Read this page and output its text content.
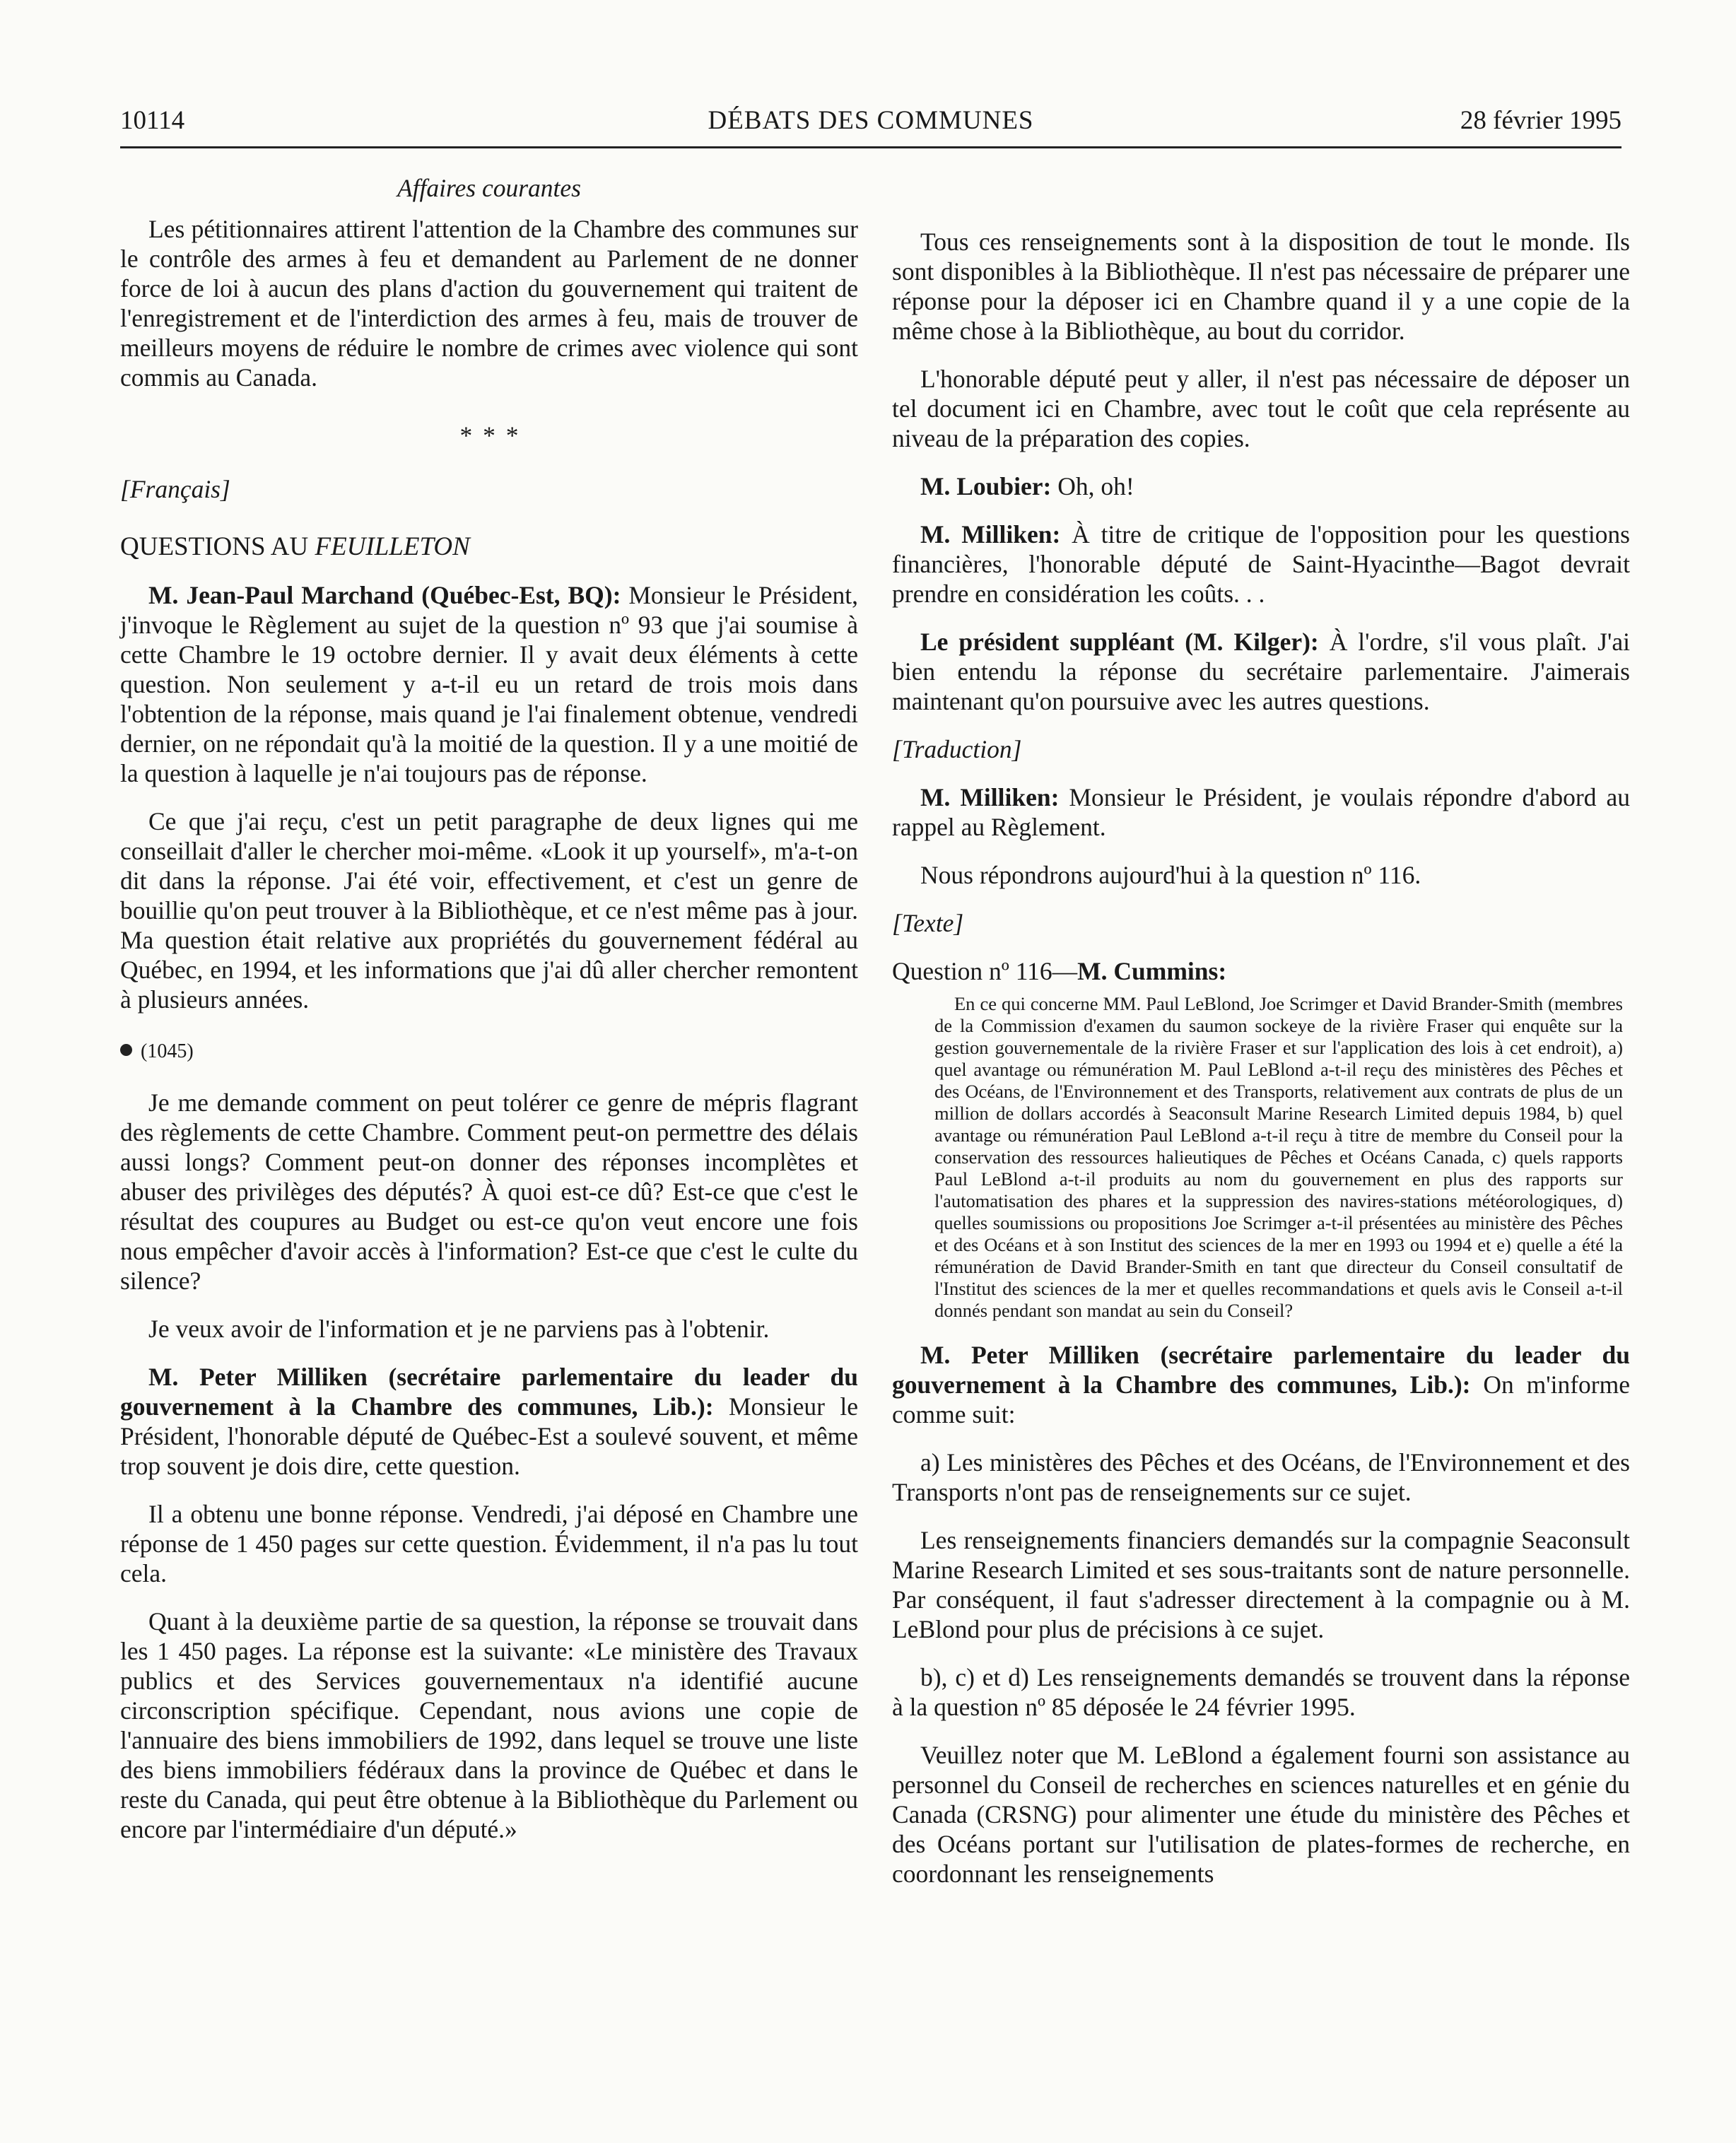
10114	DÉBATS DES COMMUNES	28 février 1995

Affaires courantes

Les pétitionnaires attirent l'attention de la Chambre des communes sur le contrôle des armes à feu et demandent au Parlement de ne donner force de loi à aucun des plans d'action du gouvernement qui traitent de l'enregistrement et de l'interdiction des armes à feu, mais de trouver de meilleurs moyens de réduire le nombre de crimes avec violence qui sont commis au Canada.

* * *

[Français]

QUESTIONS AU FEUILLETON

M. Jean-Paul Marchand (Québec-Est, BQ): Monsieur le Président, j'invoque le Règlement au sujet de la question nº 93 que j'ai soumise à cette Chambre le 19 octobre dernier. Il y avait deux éléments à cette question. Non seulement y a-t-il eu un retard de trois mois dans l'obtention de la réponse, mais quand je l'ai finalement obtenue, vendredi dernier, on ne répondait qu'à la moitié de la question. Il y a une moitié de la question à laquelle je n'ai toujours pas de réponse.

Ce que j'ai reçu, c'est un petit paragraphe de deux lignes qui me conseillait d'aller le chercher moi-même. «Look it up yourself», m'a-t-on dit dans la réponse. J'ai été voir, effectivement, et c'est un genre de bouillie qu'on peut trouver à la Bibliothèque, et ce n'est même pas à jour. Ma question était relative aux propriétés du gouvernement fédéral au Québec, en 1994, et les informations que j'ai dû aller chercher remontent à plusieurs années.

(1045)

Je me demande comment on peut tolérer ce genre de mépris flagrant des règlements de cette Chambre. Comment peut-on permettre des délais aussi longs? Comment peut-on donner des réponses incomplètes et abuser des privilèges des députés? À quoi est-ce dû? Est-ce que c'est le résultat des coupures au Budget ou est-ce qu'on veut encore une fois nous empêcher d'avoir accès à l'information? Est-ce que c'est le culte du silence?

Je veux avoir de l'information et je ne parviens pas à l'obtenir.

M. Peter Milliken (secrétaire parlementaire du leader du gouvernement à la Chambre des communes, Lib.): Monsieur le Président, l'honorable député de Québec-Est a soulevé souvent, et même trop souvent je dois dire, cette question.

Il a obtenu une bonne réponse. Vendredi, j'ai déposé en Chambre une réponse de 1 450 pages sur cette question. Évidemment, il n'a pas lu tout cela.

Quant à la deuxième partie de sa question, la réponse se trouvait dans les 1 450 pages. La réponse est la suivante: «Le ministère des Travaux publics et des Services gouvernementaux n'a identifié aucune circonscription spécifique. Cependant, nous avions une copie de l'annuaire des biens immobiliers de 1992, dans lequel se trouve une liste des biens immobiliers fédéraux dans la province de Québec et dans le reste du Canada, qui peut être obtenue à la Bibliothèque du Parlement ou encore par l'intermédiaire d'un député.»

Tous ces renseignements sont à la disposition de tout le monde. Ils sont disponibles à la Bibliothèque. Il n'est pas nécessaire de préparer une réponse pour la déposer ici en Chambre quand il y a une copie de la même chose à la Bibliothèque, au bout du corridor.

L'honorable député peut y aller, il n'est pas nécessaire de déposer un tel document ici en Chambre, avec tout le coût que cela représente au niveau de la préparation des copies.

M. Loubier: Oh, oh!

M. Milliken: À titre de critique de l'opposition pour les questions financières, l'honorable député de Saint-Hyacinthe—Bagot devrait prendre en considération les coûts. . .

Le président suppléant (M. Kilger): À l'ordre, s'il vous plaît. J'ai bien entendu la réponse du secrétaire parlementaire. J'aimerais maintenant qu'on poursuive avec les autres questions.

[Traduction]

M. Milliken: Monsieur le Président, je voulais répondre d'abord au rappel au Règlement.

Nous répondrons aujourd'hui à la question nº 116.

[Texte]

Question nº 116—M. Cummins:

En ce qui concerne MM. Paul LeBlond, Joe Scrimger et David Brander-Smith (membres de la Commission d'examen du saumon sockeye de la rivière Fraser qui enquête sur la gestion gouvernementale de la rivière Fraser et sur l'application des lois à cet endroit), a) quel avantage ou rémunération M. Paul LeBlond a-t-il reçu des ministères des Pêches et des Océans, de l'Environnement et des Transports, relativement aux contrats de plus de un million de dollars accordés à Seaconsult Marine Research Limited depuis 1984, b) quel avantage ou rémunération Paul LeBlond a-t-il reçu à titre de membre du Conseil pour la conservation des ressources halieutiques de Pêches et Océans Canada, c) quels rapports Paul LeBlond a-t-il produits au nom du gouvernement en plus des rapports sur l'automatisation des phares et la suppression des navires-stations météorologiques, d) quelles soumissions ou propositions Joe Scrimger a-t-il présentées au ministère des Pêches et des Océans et à son Institut des sciences de la mer en 1993 ou 1994 et e) quelle a été la rémunération de David Brander-Smith en tant que directeur du Conseil consultatif de l'Institut des sciences de la mer et quelles recommandations et quels avis le Conseil a-t-il donnés pendant son mandat au sein du Conseil?

M. Peter Milliken (secrétaire parlementaire du leader du gouvernement à la Chambre des communes, Lib.): On m'informe comme suit:

a) Les ministères des Pêches et des Océans, de l'Environnement et des Transports n'ont pas de renseignements sur ce sujet.

Les renseignements financiers demandés sur la compagnie Seaconsult Marine Research Limited et ses sous-traitants sont de nature personnelle. Par conséquent, il faut s'adresser directement à la compagnie ou à M. LeBlond pour plus de précisions à ce sujet.

b), c) et d) Les renseignements demandés se trouvent dans la réponse à la question nº 85 déposée le 24 février 1995.

Veuillez noter que M. LeBlond a également fourni son assistance au personnel du Conseil de recherches en sciences naturelles et en génie du Canada (CRSNG) pour alimenter une étude du ministère des Pêches et des Océans portant sur l'utilisation de plates-formes de recherche, en coordonnant les renseignements
